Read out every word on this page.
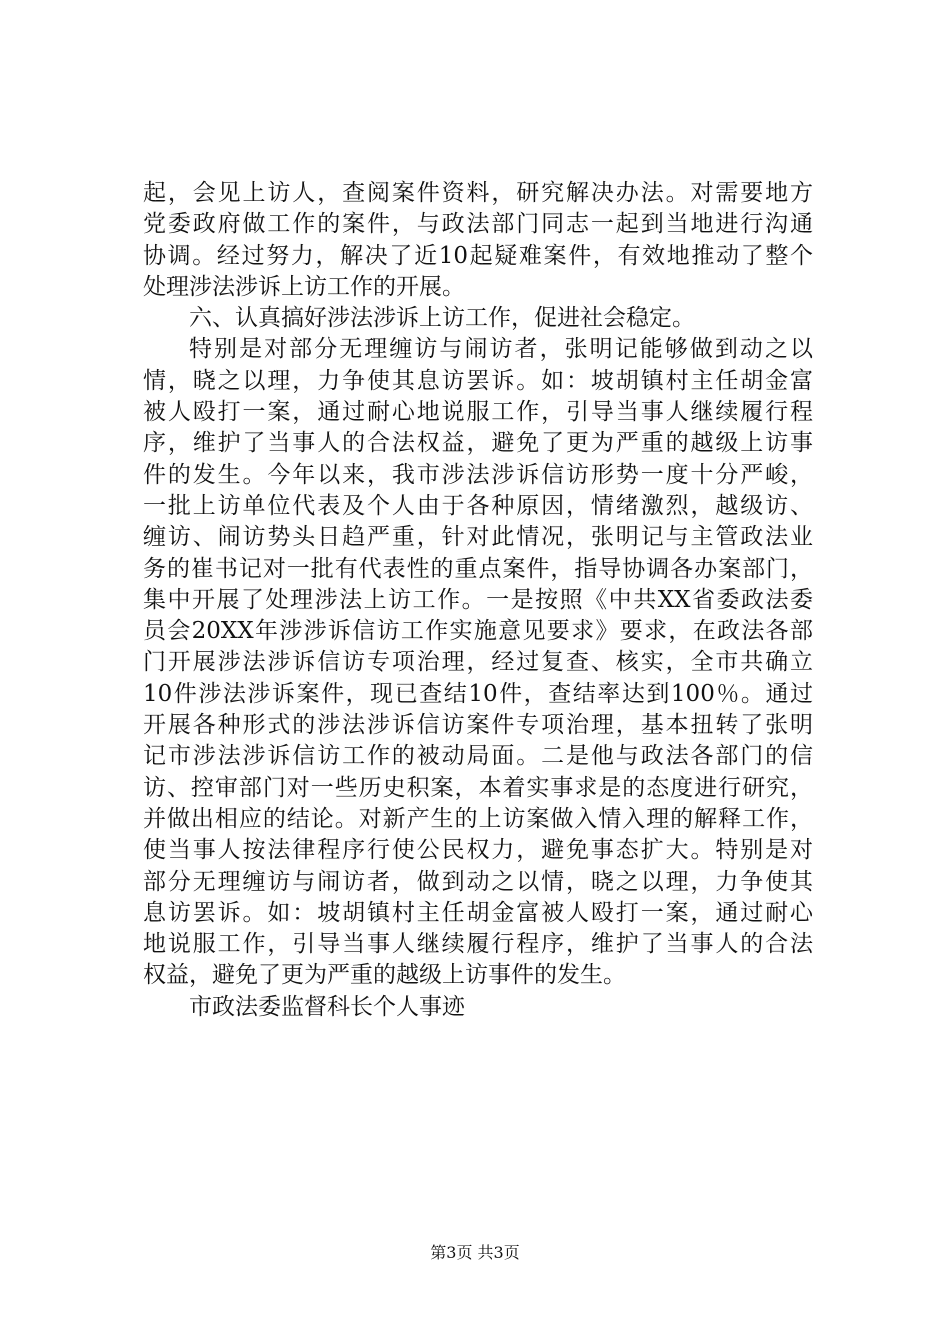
起，会见上访人，查阅案件资料，研究解决办法。对需要地方
党委政府做工作的案件，与政法部门同志一起到当地进行沟通
协调。经过努力，解决了近10起疑难案件，有效地推动了整个
处理涉法涉诉上访工作的开展。
六、认真搞好涉法涉诉上访工作，促进社会稳定。
特别是对部分无理缠访与闹访者，张明记能够做到动之以
情，晓之以理，力争使其息访罢诉。如：坡胡镇村主任胡金富
被人殴打一案，通过耐心地说服工作，引导当事人继续履行程
序，维护了当事人的合法权益，避免了更为严重的越级上访事
件的发生。今年以来，我市涉法涉诉信访形势一度十分严峻，
一批上访单位代表及个人由于各种原因，情绪激烈，越级访、
缠访、闹访势头日趋严重，针对此情况，张明记与主管政法业
务的崔书记对一批有代表性的重点案件，指导协调各办案部门，
集中开展了处理涉法上访工作。一是按照《中共XX省委政法委
员会20XX年涉涉诉信访工作实施意见要求》要求，在政法各部
门开展涉法涉诉信访专项治理，经过复查、核实，全市共确立
10件涉法涉诉案件，现已查结10件，查结率达到100％。通过
开展各种形式的涉法涉诉信访案件专项治理，基本扭转了张明
记市涉法涉诉信访工作的被动局面。二是他与政法各部门的信
访、控审部门对一些历史积案，本着实事求是的态度进行研究，
并做出相应的结论。对新产生的上访案做入情入理的解释工作，
使当事人按法律程序行使公民权力，避免事态扩大。特别是对
部分无理缠访与闹访者，做到动之以情，晓之以理，力争使其
息访罢诉。如：坡胡镇村主任胡金富被人殴打一案，通过耐心
地说服工作，引导当事人继续履行程序，维护了当事人的合法
权益，避免了更为严重的越级上访事件的发生。
市政法委监督科长个人事迹
第3页 共3页
